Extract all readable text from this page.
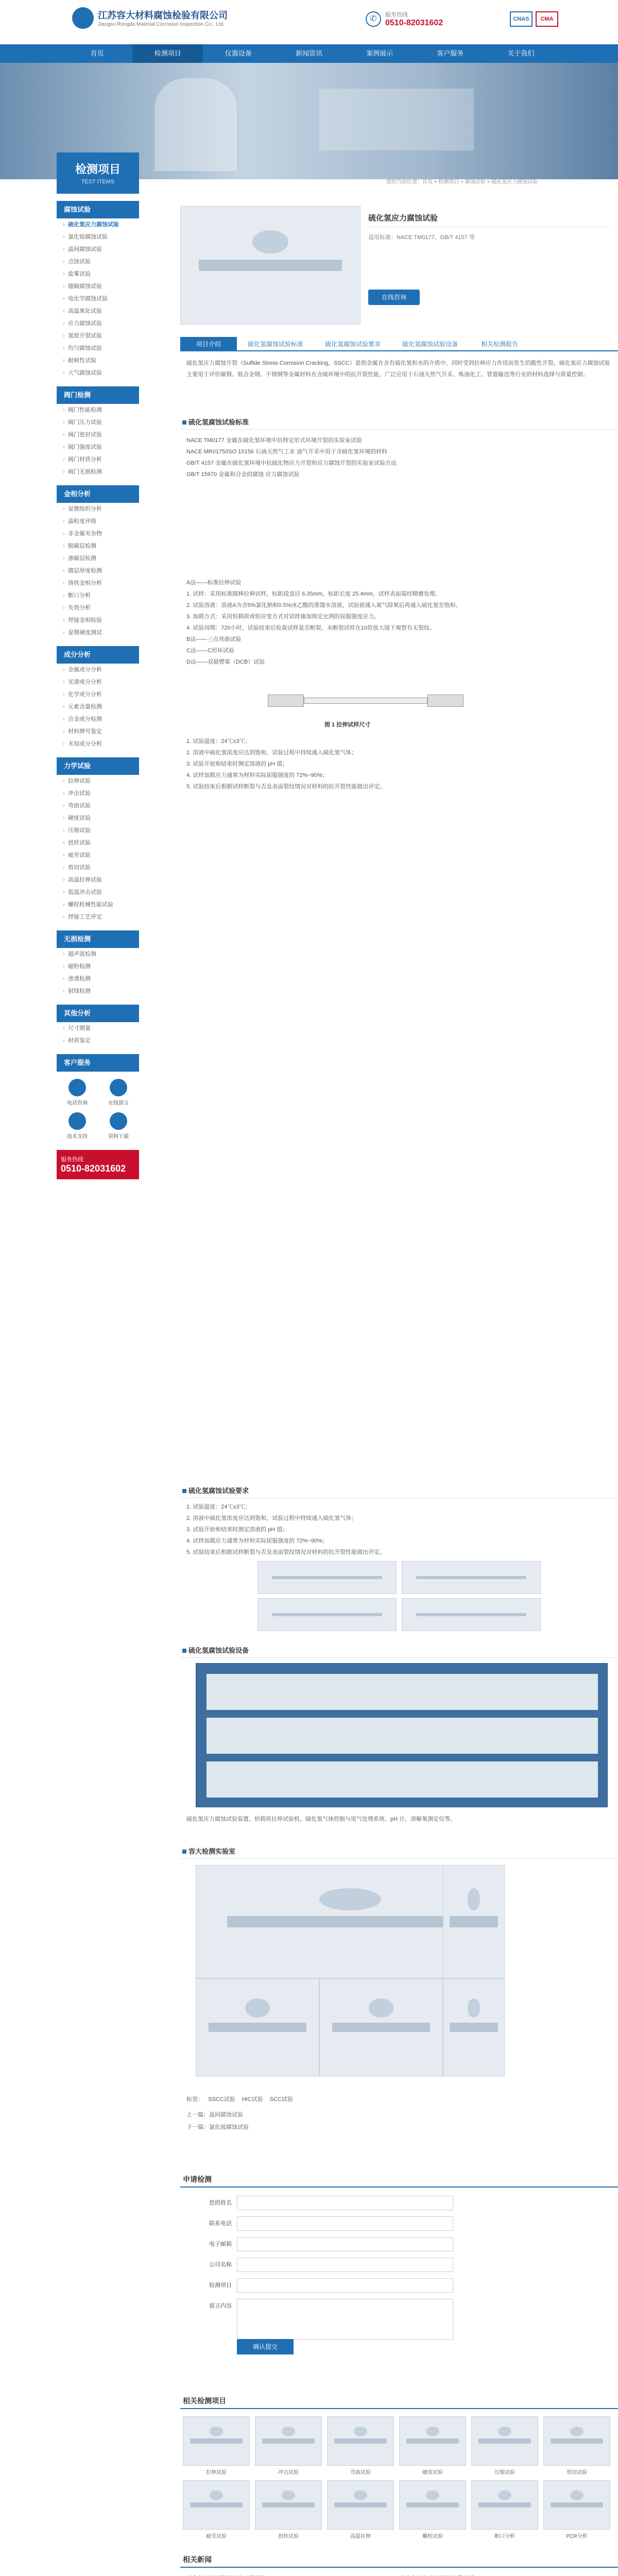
江苏容大材料腐蚀检验有限公司
Jiangsu Rongda Material Corrosion Inspection Co., Ltd.
✆	服务热线
0510-82031602	CNAS	CMA
首页	检测项目	仪器设备	新闻资讯	案例展示	客户服务	关于我们
检测项目
TEST ITEMS	您的当前位置：首页 > 检测项目 > 腐蚀试验 > 硫化氢应力腐蚀试验
腐蚀试验
› 硫化氢应力腐蚀试验
› 氯化铵腐蚀试验
› 晶间腐蚀试验
› 点蚀试验
› 盐雾试验
› 缝隙腐蚀试验
› 电化学腐蚀试验
› 高温氧化试验
› 应力腐蚀试验
› 氢致开裂试验
› 均匀腐蚀试验
› 耐候性试验
› 大气腐蚀试验
阀门检测
› 阀门性能检测
› 阀门压力试验
› 阀门密封试验
› 阀门强度试验
› 阀门材质分析
› 阀门无损检测
金相分析
› 显微组织分析
› 晶粒度评级
› 非金属夹杂物
› 脱碳层检测
› 渗碳层检测
› 镀层厚度检测
› 铸铁金相分析
› 断口分析
› 失效分析
› 焊接金相检验
› 显微硬度测试
成分分析
› 金属成分分析
› 光谱成分分析
› 化学成分分析
› 元素含量检测
› 合金成分检测
› 材料牌号鉴定
› 未知成分分析
力学试验
› 拉伸试验
› 冲击试验
› 弯曲试验
› 硬度试验
› 压缩试验
› 扭转试验
› 疲劳试验
› 剪切试验
› 高温拉伸试验
› 低温冲击试验
› 螺栓机械性能试验
› 焊接工艺评定
无损检测
› 超声波检测
› 磁粉检测
› 渗透检测
› 射线检测
其他分析
› 尺寸测量
› 材质鉴定
客户服务
电话咨询	在线留言
技术支持	资料下载
服务热线
0510-82031602
硫化氢应力腐蚀试验
适用标准：NACE TM0177、GB/T 4157 等
在线咨询
项目介绍	硫化氢腐蚀试验标准	硫化氢腐蚀试验要求	硫化氢腐蚀试验设备	相关检测报告
硫化氢应力腐蚀开裂（Sulfide Stress Corrosion Cracking，SSCC）是指金属在含有硫化氢和水的介质中，同时受到拉伸应力作用而发生的脆性开裂。硫化氢应力腐蚀试验主要用于评价碳钢、低合金钢、不锈钢等金属材料在含硫环境中的抗开裂性能，广泛应用于石油天然气开采、炼油化工、管道输送等行业的材料选择与质量控制。
硫化氢腐蚀试验标准
NACE TM0177 金属在硫化氢环境中抗特定形式环境开裂的实验室试验
NACE MR0175/ISO 15156 石油天然气工业 油气开采中用于含硫化氢环境的材料
GB/T 4157 金属在硫化氢环境中抗硫化物应力开裂和应力腐蚀开裂的实验室试验方法
GB/T 15970 金属和合金的腐蚀 应力腐蚀试验
A法——标准拉伸试验
1. 试样：采用标准圆棒拉伸试样，标距段直径 6.35mm，标距长度 25.4mm，试样表面需经精磨处理。
2. 试验溶液：溶液A为含5%氯化钠和0.5%冰乙酸的蒸馏水溶液，试验前通入氮气除氧后再通入硫化氢至饱和。
3. 加载方式：采用恒载荷或恒应变方式对试样施加规定比例的屈服强度应力。
4. 试验周期：720小时，试验结束后检查试样是否断裂，未断裂试样在10倍放大镜下观察有无裂纹。
B法——三点弯曲试验
C法——C形环试验
D法——双悬臂梁（DCB）试验
图 1 拉伸试样尺寸
1. 试验温度：24℃±3℃；
2. 溶液中硫化氢浓度应达到饱和，试验过程中持续通入硫化氢气体；
3. 试验开始和结束时测定溶液的 pH 值；
4. 试样加载应力通常为材料实际屈服强度的 72%~90%；
5. 试验结束后根据试样断裂与否及表面裂纹情况对材料的抗开裂性能做出评定。
硫化氢腐蚀试验要求
1. 试验温度：24℃±3℃；
2. 溶液中硫化氢浓度应达到饱和，试验过程中持续通入硫化氢气体；
3. 试验开始和结束时测定溶液的 pH 值；
4. 试样加载应力通常为材料实际屈服强度的 72%~90%；
5. 试验结束后根据试样断裂与否及表面裂纹情况对材料的抗开裂性能做出评定。
硫化氢腐蚀试验设备
硫化氢应力腐蚀试验装置、恒载荷拉伸试验机、硫化氢气体控制与尾气处理系统、pH 计、溶解氧测定仪等。
容大检测实验室
标签： SSCC试验 HIC试验 SCC试验
上一篇：晶间腐蚀试验
下一篇：氯化铵腐蚀试验
申请检测
您的姓名
联系电话
电子邮箱
公司名称
检测项目
留言内容
确认提交
相关检测项目
拉伸试验	冲击试验	弯曲试验	硬度试验	压缩试验	剪切试验
疲劳试验	扭转试验	高温拉伸	螺栓试验	断口分析	PCR分析
相关新闻
